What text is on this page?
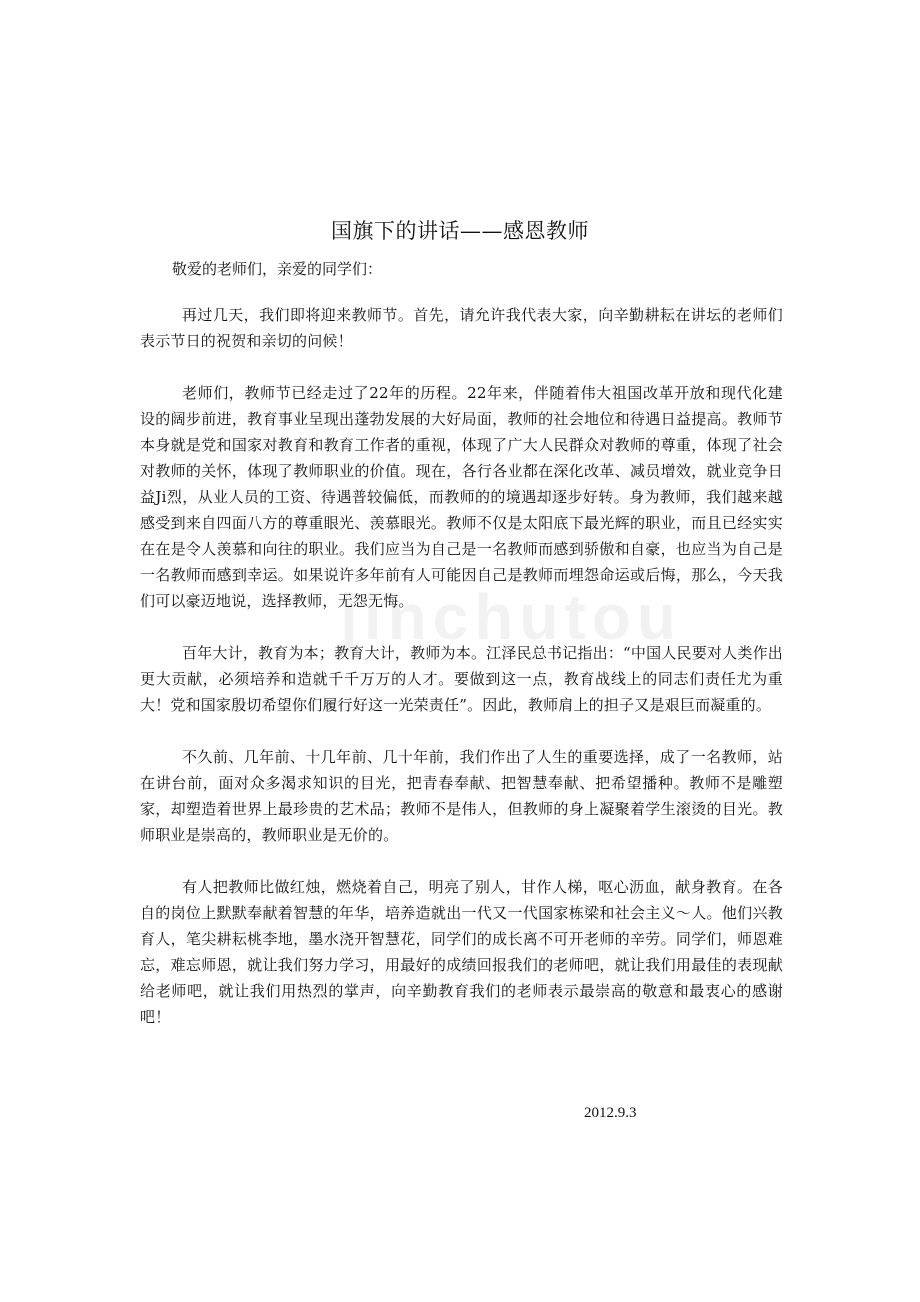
jinchutou
国旗下的讲话——感恩教师

敬爱的老师们，亲爱的同学们：

再过几天，我们即将迎来教师节。首先，请允许我代表大家，向辛勤耕耘在讲坛的老师们表示节日的祝贺和亲切的问候！

老师们，教师节已经走过了22年的历程。22年来，伴随着伟大祖国改革开放和现代化建设的阔步前进，教育事业呈现出蓬勃发展的大好局面，教师的社会地位和待遇日益提高。教师节本身就是党和国家对教育和教育工作者的重视，体现了广大人民群众对教师的尊重，体现了社会对教师的关怀，体现了教师职业的价值。现在，各行各业都在深化改革、减员增效，就业竞争日益Ji烈，从业人员的工资、待遇普较偏低，而教师的的境遇却逐步好转。身为教师，我们越来越感受到来自四面八方的尊重眼光、羡慕眼光。教师不仅是太阳底下最光辉的职业，而且已经实实在在是令人羡慕和向往的职业。我们应当为自己是一名教师而感到骄傲和自豪，也应当为自己是一名教师而感到幸运。如果说许多年前有人可能因自己是教师而埋怨命运或后悔，那么，今天我们可以豪迈地说，选择教师，无怨无悔。

百年大计，教育为本；教育大计，教师为本。江泽民总书记指出：“中国人民要对人类作出更大贡献，必须培养和造就千千万万的人才。要做到这一点，教育战线上的同志们责任尤为重大！党和国家殷切希望你们履行好这一光荣责任”。因此，教师肩上的担子又是艰巨而凝重的。

不久前、几年前、十几年前、几十年前，我们作出了人生的重要选择，成了一名教师，站在讲台前，面对众多渴求知识的目光，把青春奉献、把智慧奉献、把希望播种。教师不是雕塑家，却塑造着世界上最珍贵的艺术品；教师不是伟人，但教师的身上凝聚着学生滚烫的目光。教师职业是崇高的，教师职业是无价的。

有人把教师比做红烛，燃烧着自己，明亮了别人，甘作人梯，呕心沥血，献身教育。在各自的岗位上默默奉献着智慧的年华，培养造就出一代又一代国家栋梁和社会主义～人。他们兴教育人，笔尖耕耘桃李地，墨水浇开智慧花，同学们的成长离不可开老师的辛劳。同学们，师恩难忘，难忘师恩，就让我们努力学习，用最好的成绩回报我们的老师吧，就让我们用最佳的表现献给老师吧，就让我们用热烈的掌声，向辛勤教育我们的老师表示最崇高的敬意和最衷心的感谢吧！

2012.9.3
